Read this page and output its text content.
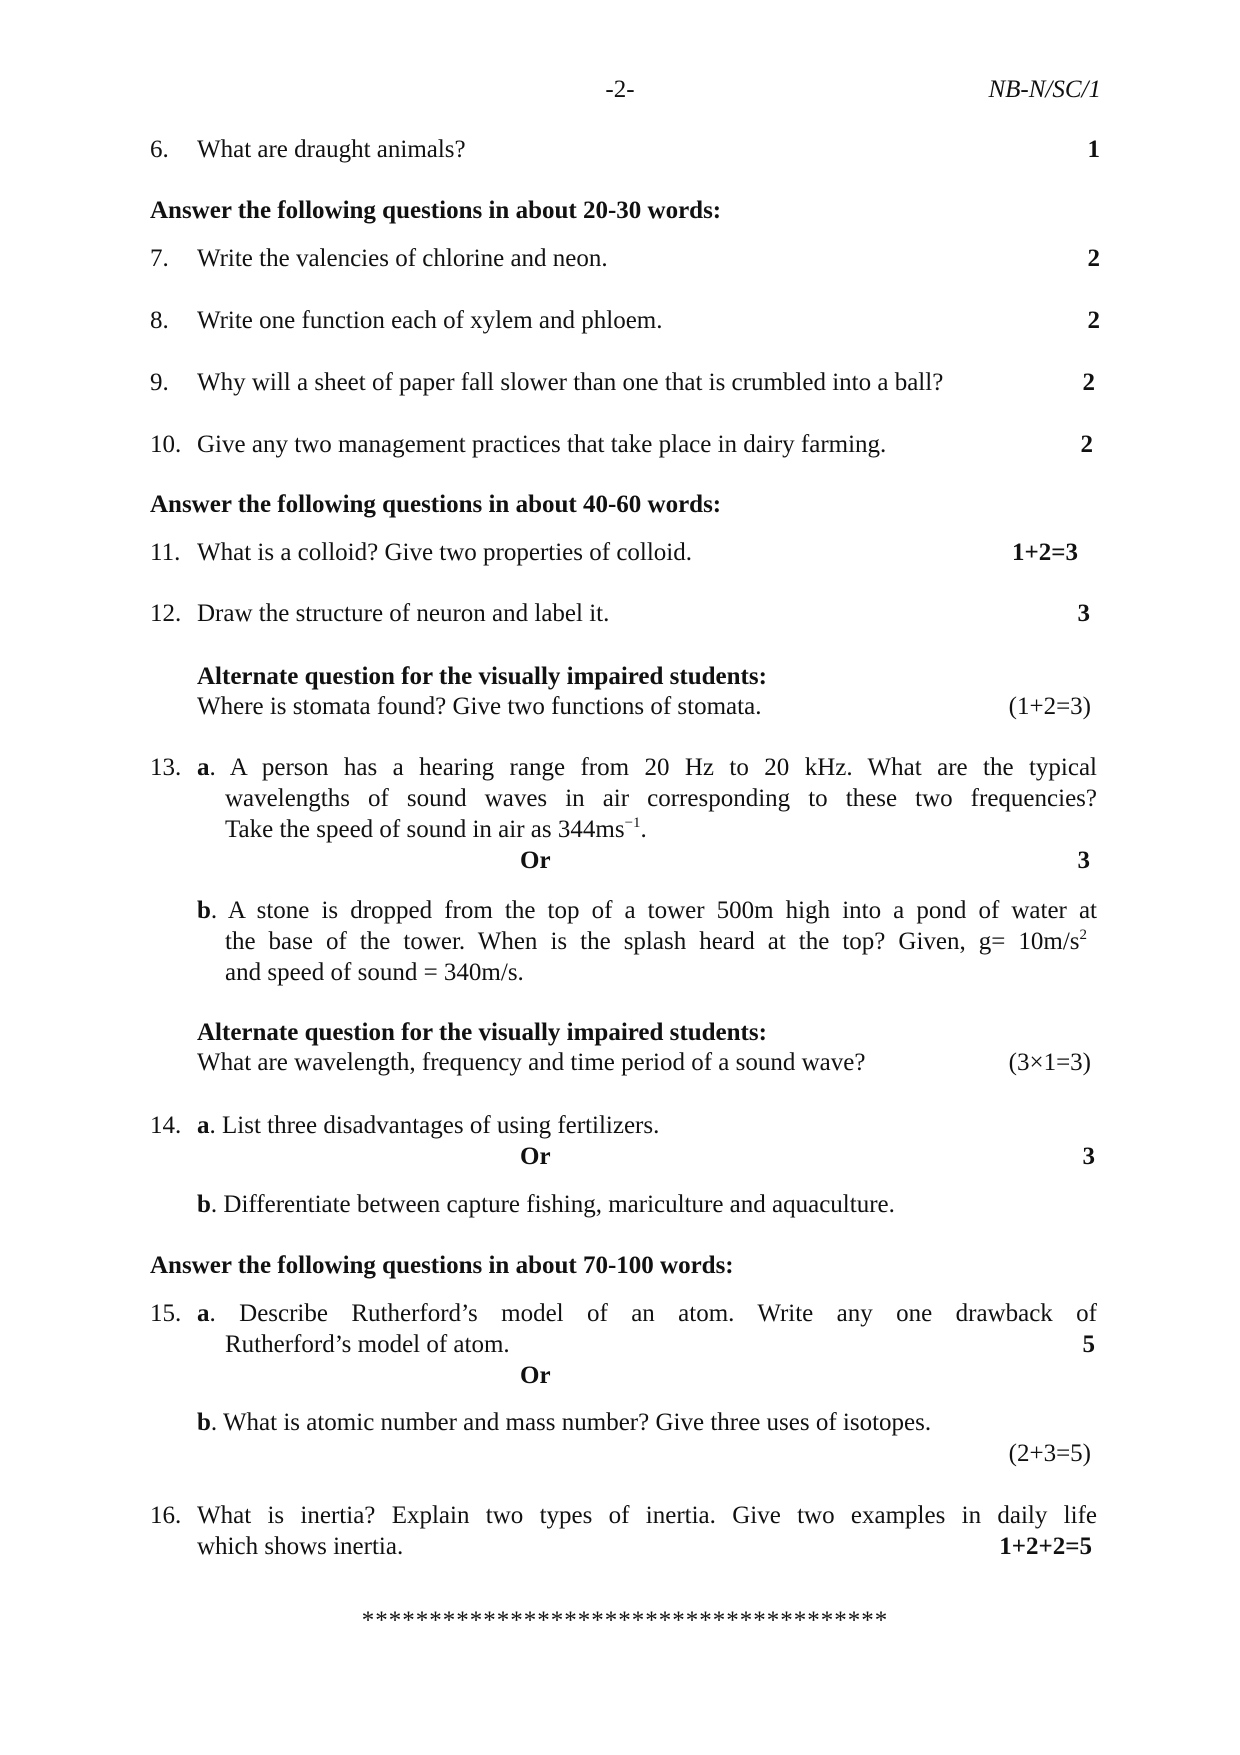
-2-	NB-N/SC/1
6. What are draught animals?	1
Answer the following questions in about 20-30 words:
7. Write the valencies of chlorine and neon.	2
8. Write one function each of xylem and phloem.	2
9. Why will a sheet of paper fall slower than one that is crumbled into a ball?	2
10. Give any two management practices that take place in dairy farming.	2
Answer the following questions in about 40-60 words:
11. What is a colloid? Give two properties of colloid.	1+2=3
12. Draw the structure of neuron and label it.	3
Alternate question for the visually impaired students:
Where is stomata found? Give two functions of stomata.	(1+2=3)
13. a. A person has a hearing range from 20 Hz to 20 kHz. What are the typical
wavelengths of sound waves in air corresponding to these two frequencies?
Take the speed of sound in air as $344ms^{-1}$.
Or	3
b. A stone is dropped from the top of a tower 500m high into a pond of water at
the base of the tower. When is the splash heard at the top? Given, $g= 10m/s^2$
and speed of sound = 340m/s.
Alternate question for the visually impaired students:
What are wavelength, frequency and time period of a sound wave?	(3×1=3)
14. a. List three disadvantages of using fertilizers.
Or	3
b. Differentiate between capture fishing, mariculture and aquaculture.
Answer the following questions in about 70-100 words:
15. a. Describe Rutherford’s model of an atom. Write any one drawback of
Rutherford’s model of atom.	5
Or
b. What is atomic number and mass number? Give three uses of isotopes.
(2+3=5)
16. What is inertia? Explain two types of inertia. Give two examples in daily life
which shows inertia.	1+2+2=5
***************************************
